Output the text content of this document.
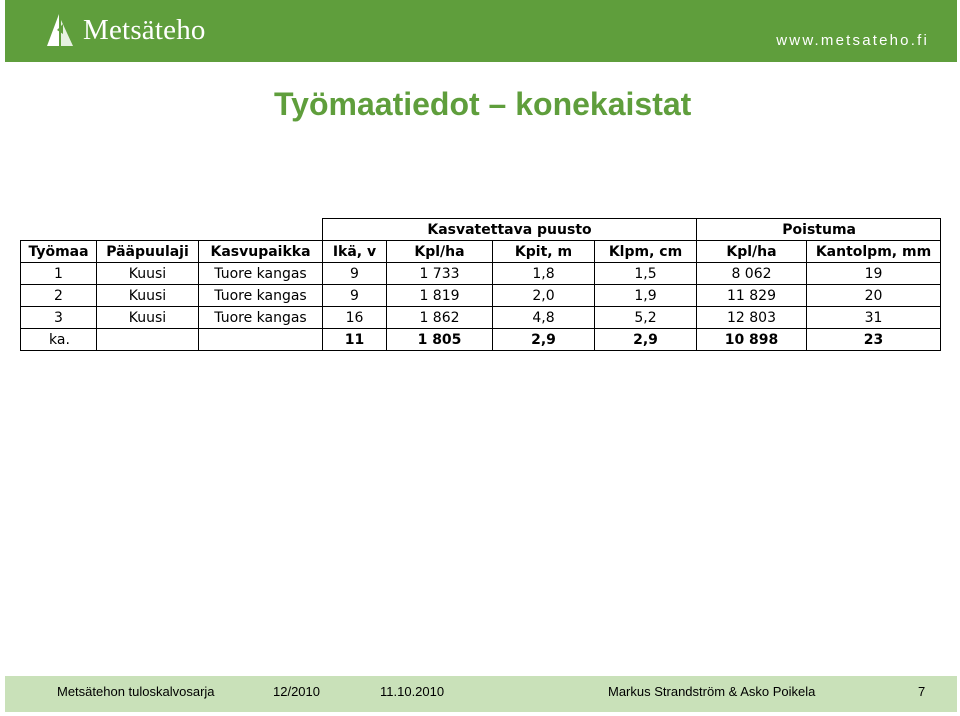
Metsäteho	www.metsateho.fi
Työmaatiedot – konekaistat
			Kasvatettava puusto				Poistuma	
Työmaa	Pääpuulaji	Kasvupaikka	Ikä, v	Kpl/ha	Kpit, m	Klpm, cm	Kpl/ha	Kantolpm, mm
1	Kuusi	Tuore kangas	9	1 733	1,8	1,5	8 062	19
2	Kuusi	Tuore kangas	9	1 819	2,0	1,9	11 829	20
3	Kuusi	Tuore kangas	16	1 862	4,8	5,2	12 803	31
ka.			11	1 805	2,9	2,9	10 898	23
Metsätehon tuloskalvosarja	12/2010	11.10.2010	Markus Strandström & Asko Poikela	7
